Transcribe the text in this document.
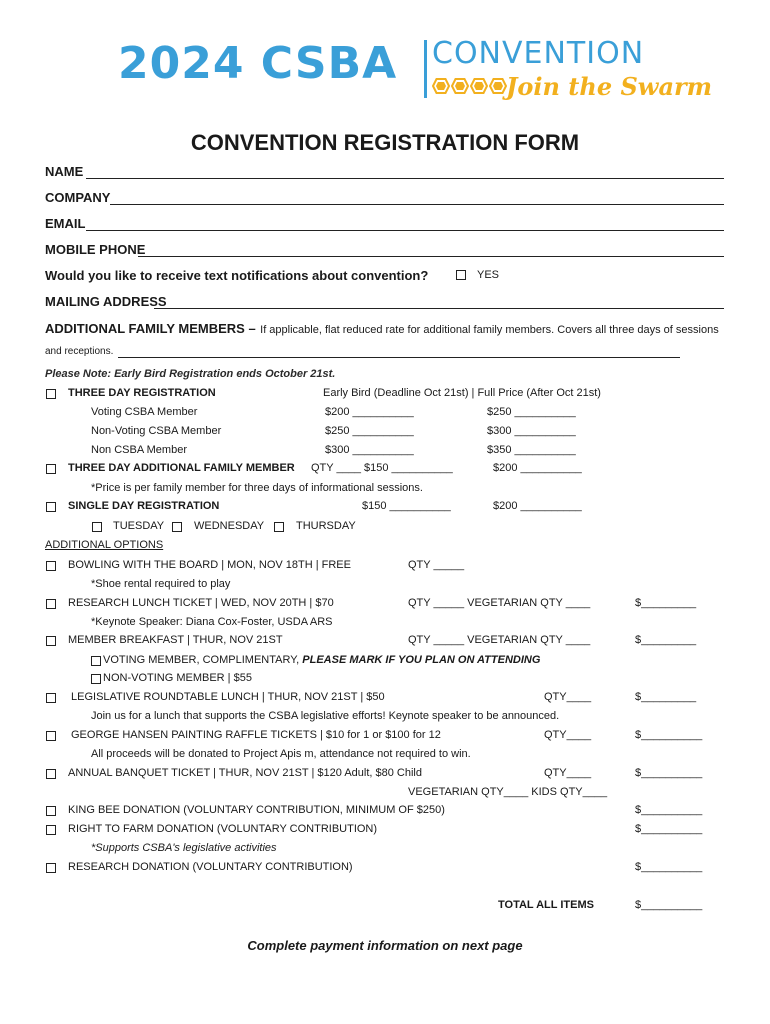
2024 CSBA CONVENTION
Join the Swarm
CONVENTION REGISTRATION FORM
NAME
COMPANY
EMAIL
MOBILE PHONE
Would you like to receive text notifications about convention?	YES
MAILING ADDRESS
ADDITIONAL FAMILY MEMBERS – If applicable, flat reduced rate for additional family members. Covers all three days of sessions
and receptions.
Please Note: Early Bird Registration ends October 21st.
THREE DAY REGISTRATION	Early Bird (Deadline Oct 21st) | Full Price (After Oct 21st)
Voting CSBA Member	$200 __________	$250 __________
Non-Voting CSBA Member	$250 __________	$300 __________
Non CSBA Member	$300 __________	$350 __________
THREE DAY ADDITIONAL FAMILY MEMBER QTY ____ $150 __________	$200 __________
*Price is per family member for three days of informational sessions.
SINGLE DAY REGISTRATION	$150 __________	$200 __________
TUESDAY	WEDNESDAY	THURSDAY
ADDITIONAL OPTIONS
BOWLING WITH THE BOARD | MON, NOV 18TH | FREE	QTY _____
*Shoe rental required to play
RESEARCH LUNCH TICKET | WED, NOV 20TH | $70	QTY _____ VEGETARIAN QTY ____	$_________
*Keynote Speaker: Diana Cox-Foster, USDA ARS
MEMBER BREAKFAST | THUR, NOV 21ST	QTY _____ VEGETARIAN QTY ____	$_________
VOTING MEMBER, COMPLIMENTARY, PLEASE MARK IF YOU PLAN ON ATTENDING
NON-VOTING MEMBER | $55
LEGISLATIVE ROUNDTABLE LUNCH | THUR, NOV 21ST | $50	QTY____	$_________
Join us for a lunch that supports the CSBA legislative efforts! Keynote speaker to be announced.
GEORGE HANSEN PAINTING RAFFLE TICKETS | $10 for 1 or $100 for 12	QTY____	$__________
All proceeds will be donated to Project Apis m, attendance not required to win.
ANNUAL BANQUET TICKET | THUR, NOV 21ST | $120 Adult, $80 Child	QTY____	$__________
VEGETARIAN QTY____ KIDS QTY____
KING BEE DONATION (VOLUNTARY CONTRIBUTION, MINIMUM OF $250)	$__________
RIGHT TO FARM DONATION (VOLUNTARY CONTRIBUTION)	$__________
*Supports CSBA's legislative activities
RESEARCH DONATION (VOLUNTARY CONTRIBUTION)	$__________
TOTAL ALL ITEMS	$__________
Complete payment information on next page
